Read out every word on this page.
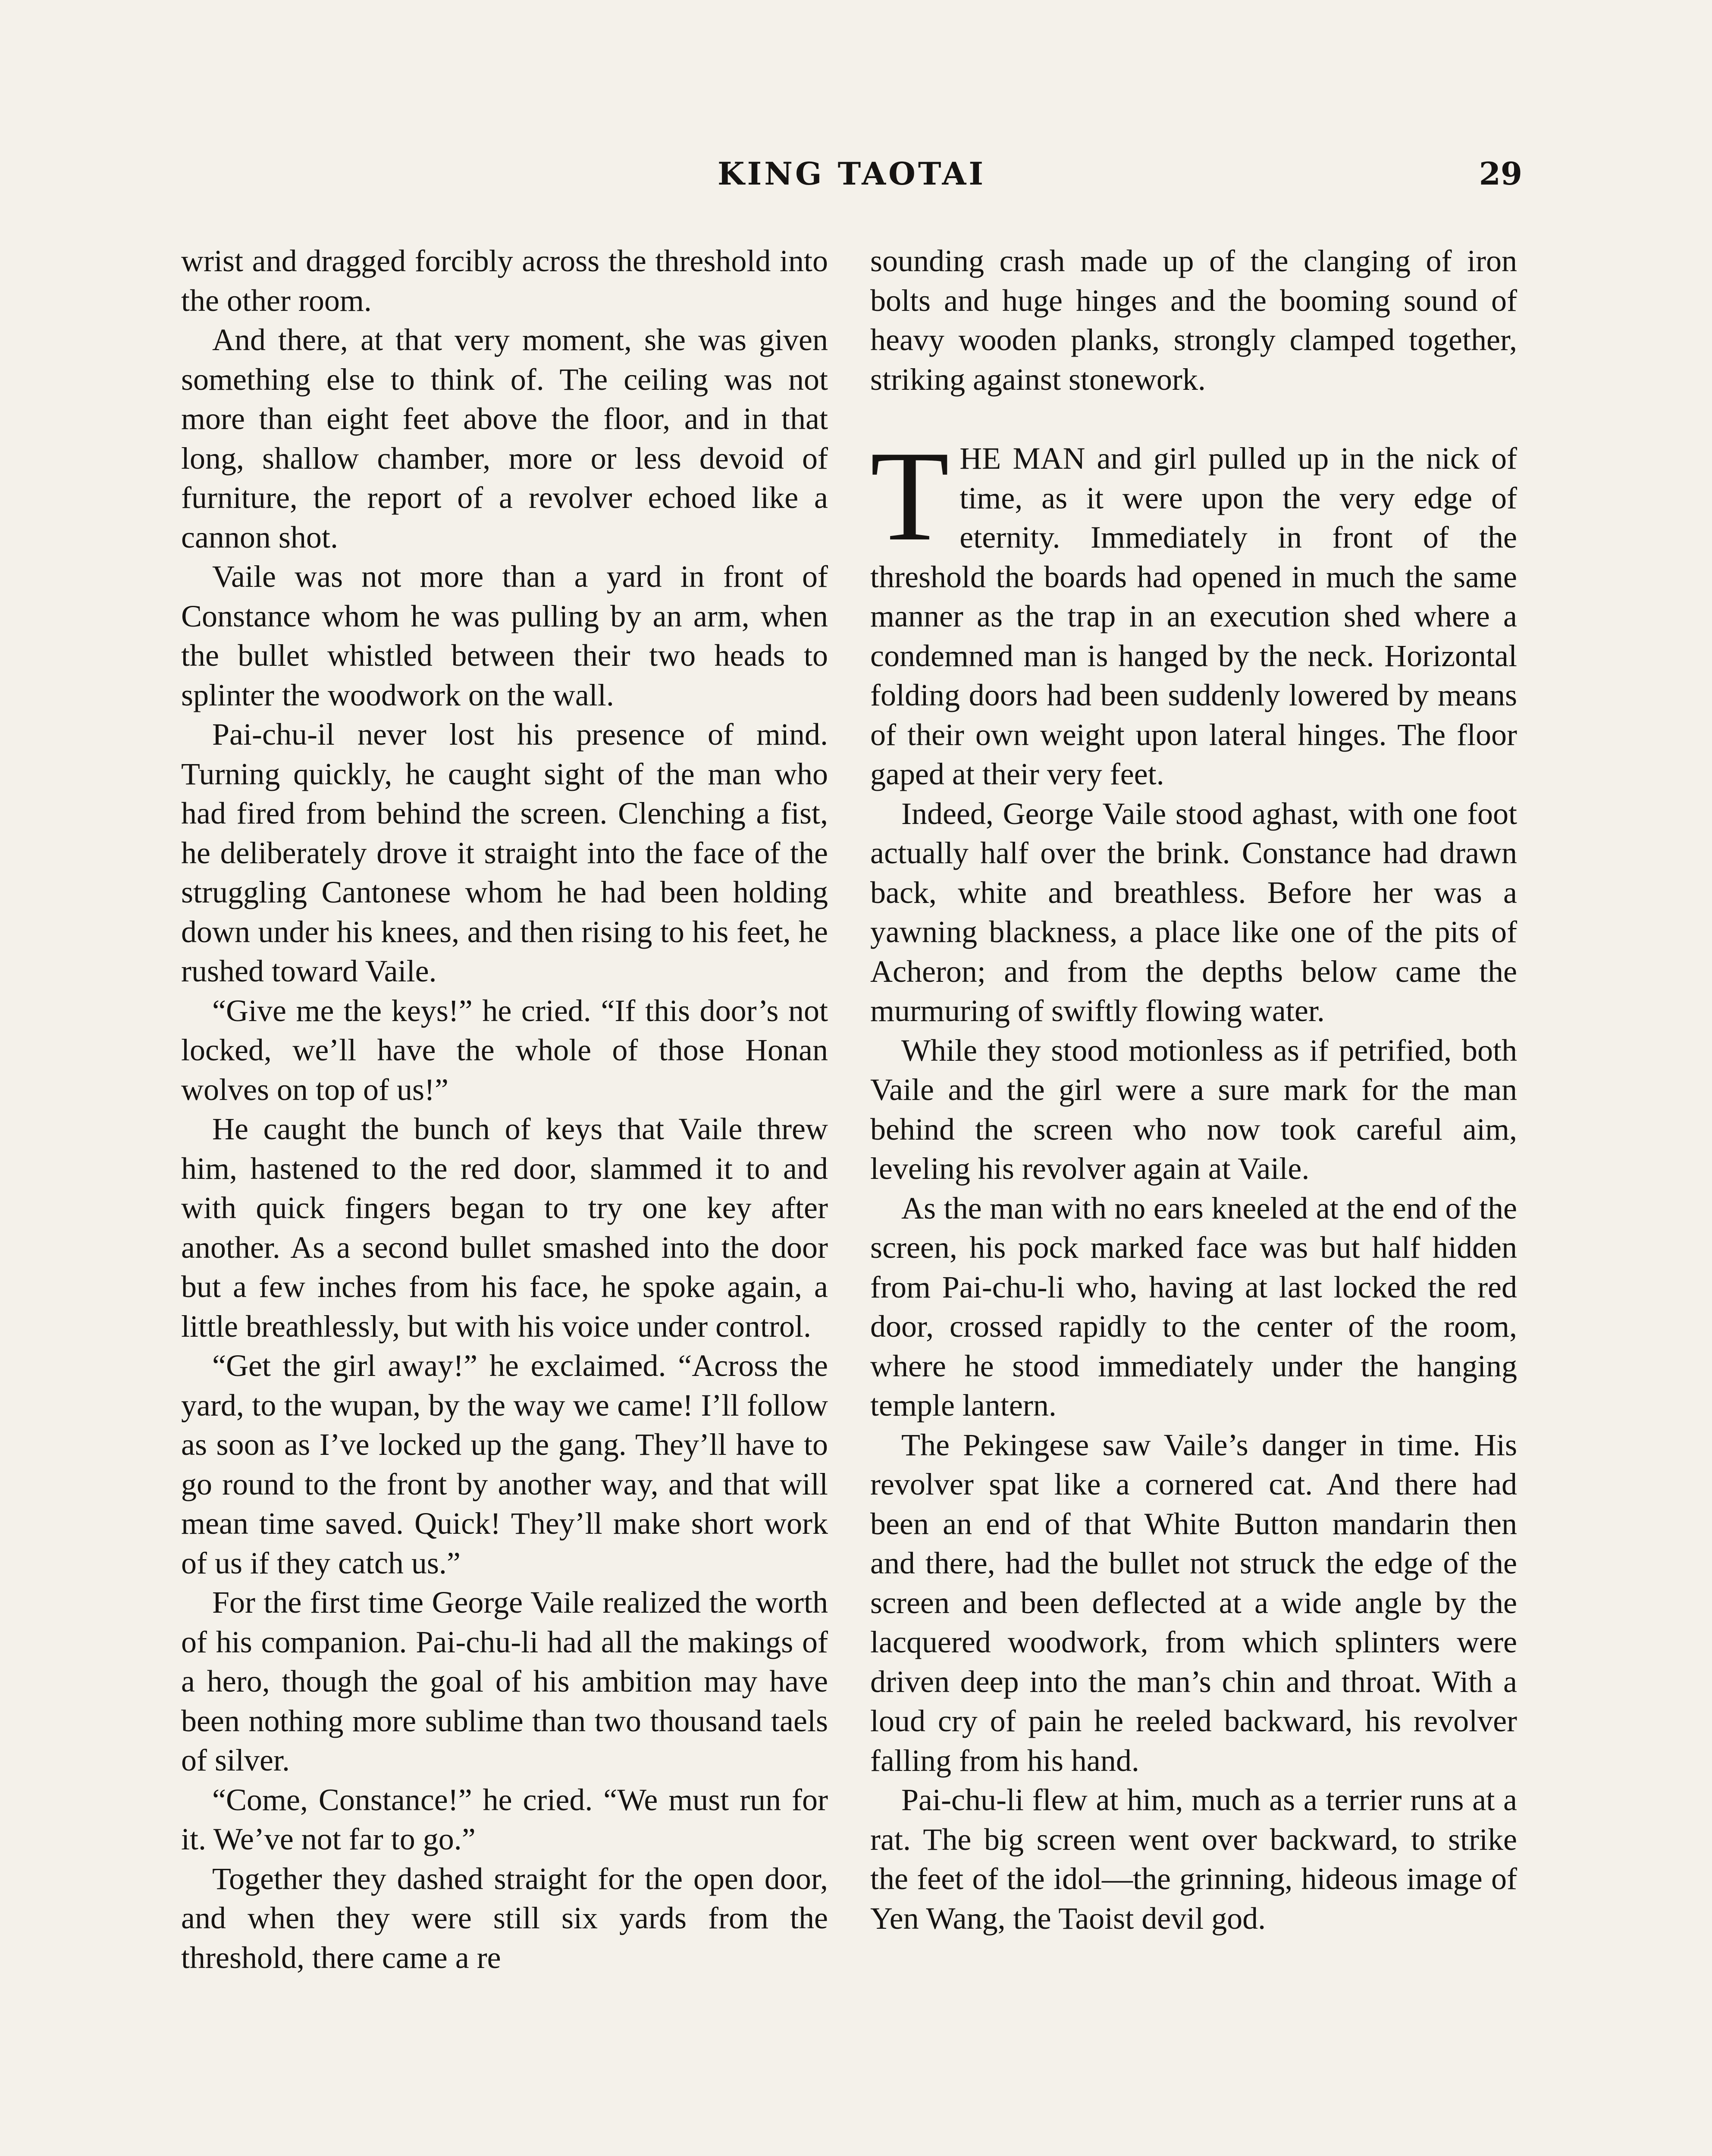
KING TAOTAI	29

wrist and dragged forcibly across the threshold into the other room.

And there, at that very moment, she was given something else to think of. The ceiling was not more than eight feet above the floor, and in that long, shallow chamber, more or less devoid of furniture, the report of a revolver echoed like a cannon shot.

Vaile was not more than a yard in front of Constance whom he was pulling by an arm, when the bullet whistled between their two heads to splinter the woodwork on the wall.

Pai-chu-il never lost his presence of mind. Turning quickly, he caught sight of the man who had fired from behind the screen. Clenching a fist, he deliberately drove it straight into the face of the struggling Cantonese whom he had been holding down under his knees, and then rising to his feet, he rushed toward Vaile.

“Give me the keys!” he cried. “If this door’s not locked, we’ll have the whole of those Honan wolves on top of us!”

He caught the bunch of keys that Vaile threw him, hastened to the red door, slammed it to and with quick fingers began to try one key after another. As a second bullet smashed into the door but a few inches from his face, he spoke again, a little breathlessly, but with his voice under control.

“Get the girl away!” he exclaimed. “Across the yard, to the wupan, by the way we came! I’ll follow as soon as I’ve locked up the gang. They’ll have to go round to the front by another way, and that will mean time saved. Quick! They’ll make short work of us if they catch us.”

For the first time George Vaile realized the worth of his companion. Pai-chu-li had all the makings of a hero, though the goal of his ambition may have been nothing more sublime than two thousand taels of silver.

“Come, Constance!” he cried. “We must run for it. We’ve not far to go.”

Together they dashed straight for the open door, and when they were still six yards from the threshold, there came a re

sounding crash made up of the clanging of iron bolts and huge hinges and the booming sound of heavy wooden planks, strongly clamped together, striking against stonework.

THE MAN and girl pulled up in the nick of time, as it were upon the very edge of eternity. Immediately in front of the threshold the boards had opened in much the same manner as the trap in an execution shed where a condemned man is hanged by the neck. Horizontal folding doors had been suddenly lowered by means of their own weight upon lateral hinges. The floor gaped at their very feet.

Indeed, George Vaile stood aghast, with one foot actually half over the brink. Constance had drawn back, white and breathless. Before her was a yawning blackness, a place like one of the pits of Acheron; and from the depths below came the murmuring of swiftly flowing water.

While they stood motionless as if petrified, both Vaile and the girl were a sure mark for the man behind the screen who now took careful aim, leveling his revolver again at Vaile.

As the man with no ears kneeled at the end of the screen, his pock marked face was but half hidden from Pai-chu-li who, having at last locked the red door, crossed rapidly to the center of the room, where he stood immediately under the hanging temple lantern.

The Pekingese saw Vaile’s danger in time. His revolver spat like a cornered cat. And there had been an end of that White Button mandarin then and there, had the bullet not struck the edge of the screen and been deflected at a wide angle by the lacquered woodwork, from which splinters were driven deep into the man’s chin and throat. With a loud cry of pain he reeled backward, his revolver falling from his hand.

Pai-chu-li flew at him, much as a terrier runs at a rat. The big screen went over backward, to strike the feet of the idol—the grinning, hideous image of Yen Wang, the Taoist devil god.
